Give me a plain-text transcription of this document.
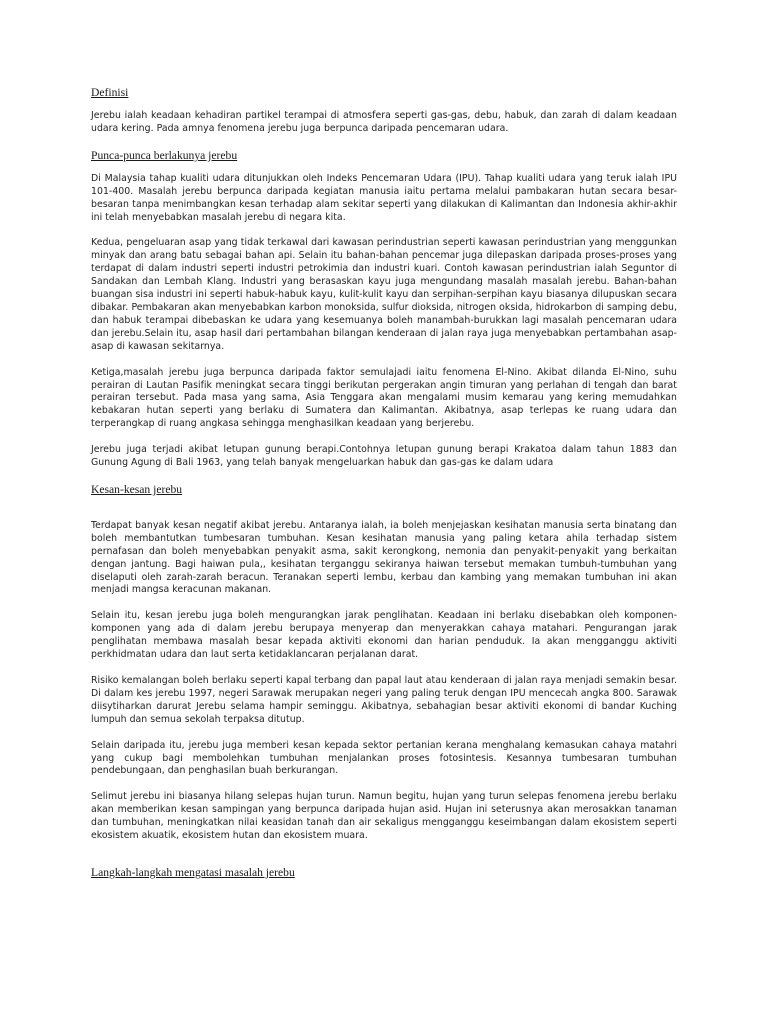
Definisi

Jerebu ialah keadaan kehadiran partikel terampai di atmosfera seperti gas-gas, debu, habuk, dan zarah di dalam keadaan udara kering. Pada amnya fenomena jerebu juga berpunca daripada pencemaran udara.

Punca-punca berlakunya jerebu

Di Malaysia tahap kualiti udara ditunjukkan oleh Indeks Pencemaran Udara (IPU). Tahap kualiti udara yang teruk ialah IPU 101-400. Masalah jerebu berpunca daripada kegiatan manusia iaitu pertama melalui pambakaran hutan secara besar-besaran tanpa menimbangkan kesan terhadap alam sekitar seperti yang dilakukan di Kalimantan dan Indonesia akhir-akhir ini telah menyebabkan masalah jerebu di negara kita.

Kedua, pengeluaran asap yang tidak terkawal dari kawasan perindustrian seperti kawasan perindustrian yang menggunkan minyak dan arang batu sebagai bahan api. Selain itu bahan-bahan pencemar juga dilepaskan daripada proses-proses yang terdapat di dalam industri seperti industri petrokimia dan industri kuari. Contoh kawasan perindustrian ialah Seguntor di Sandakan dan Lembah Klang. Industri yang berasaskan kayu juga mengundang masalah masalah jerebu. Bahan-bahan buangan sisa industri ini seperti habuk-habuk kayu, kulit-kulit kayu dan serpihan-serpihan kayu biasanya dilupuskan secara dibakar. Pembakaran akan menyebabkan karbon monoksida, sulfur dioksida, nitrogen oksida, hidrokarbon di samping debu, dan habuk terampai dibebaskan ke udara yang kesemuanya boleh manambah-burukkan lagi masalah pencemaran udara dan jerebu.Selain itu, asap hasil dari pertambahan bilangan kenderaan di jalan raya juga menyebabkan pertambahan asap-asap di kawasan sekitarnya.

Ketiga,masalah jerebu juga berpunca daripada faktor semulajadi iaitu fenomena El-Nino. Akibat dilanda El-Nino, suhu perairan di Lautan Pasifik meningkat secara tinggi berikutan pergerakan angin timuran yang perlahan di tengah dan barat perairan tersebut. Pada masa yang sama, Asia Tenggara akan mengalami musim kemarau yang kering memudahkan kebakaran hutan seperti yang berlaku di Sumatera dan Kalimantan. Akibatnya, asap terlepas ke ruang udara dan terperangkap di ruang angkasa sehingga menghasilkan keadaan yang berjerebu.

Jerebu juga terjadi akibat letupan gunung berapi.Contohnya letupan gunung berapi Krakatoa dalam tahun 1883 dan Gunung Agung di Bali 1963, yang telah banyak mengeluarkan habuk dan gas-gas ke dalam udara

Kesan-kesan jerebu

Terdapat banyak kesan negatif akibat jerebu. Antaranya ialah, ia boleh menjejaskan kesihatan manusia serta binatang dan boleh membantutkan tumbesaran tumbuhan. Kesan kesihatan manusia yang paling ketara ahila terhadap sistem pernafasan dan boleh menyebabkan penyakit asma, sakit kerongkong, nemonia dan penyakit-penyakit yang berkaitan dengan jantung. Bagi haiwan pula,, kesihatan terganggu sekiranya haiwan tersebut memakan tumbuh-tumbuhan yang diselaputi oleh zarah-zarah beracun. Teranakan seperti lembu, kerbau dan kambing yang memakan tumbuhan ini akan menjadi mangsa keracunan makanan.

Selain itu, kesan jerebu juga boleh mengurangkan jarak penglihatan. Keadaan ini berlaku disebabkan oleh komponen-komponen yang ada di dalam jerebu berupaya menyerap dan menyerakkan cahaya matahari. Pengurangan jarak penglihatan membawa masalah besar kepada aktiviti ekonomi dan harian penduduk. Ia akan mengganggu aktiviti perkhidmatan udara dan laut serta ketidaklancaran perjalanan darat.

Risiko kemalangan boleh berlaku seperti kapal terbang dan papal laut atau kenderaan di jalan raya menjadi semakin besar. Di dalam kes jerebu 1997, negeri Sarawak merupakan negeri yang paling teruk dengan IPU mencecah angka 800. Sarawak diisytiharkan darurat Jerebu selama hampir seminggu. Akibatnya, sebahagian besar aktiviti ekonomi di bandar Kuching lumpuh dan semua sekolah terpaksa ditutup.

Selain daripada itu, jerebu juga memberi kesan kepada sektor pertanian kerana menghalang kemasukan cahaya matahri yang cukup bagi membolehkan tumbuhan menjalankan proses fotosintesis. Kesannya tumbesaran tumbuhan pendebungaan, dan penghasilan buah berkurangan.

Selimut jerebu ini biasanya hilang selepas hujan turun. Namun begitu, hujan yang turun selepas fenomena jerebu berlaku akan memberikan kesan sampingan yang berpunca daripada hujan asid. Hujan ini seterusnya akan merosakkan tanaman dan tumbuhan, meningkatkan nilai keasidan tanah dan air sekaligus mengganggu keseimbangan dalam ekosistem seperti ekosistem akuatik, ekosistem hutan dan ekosistem muara.

Langkah-langkah mengatasi masalah jerebu
